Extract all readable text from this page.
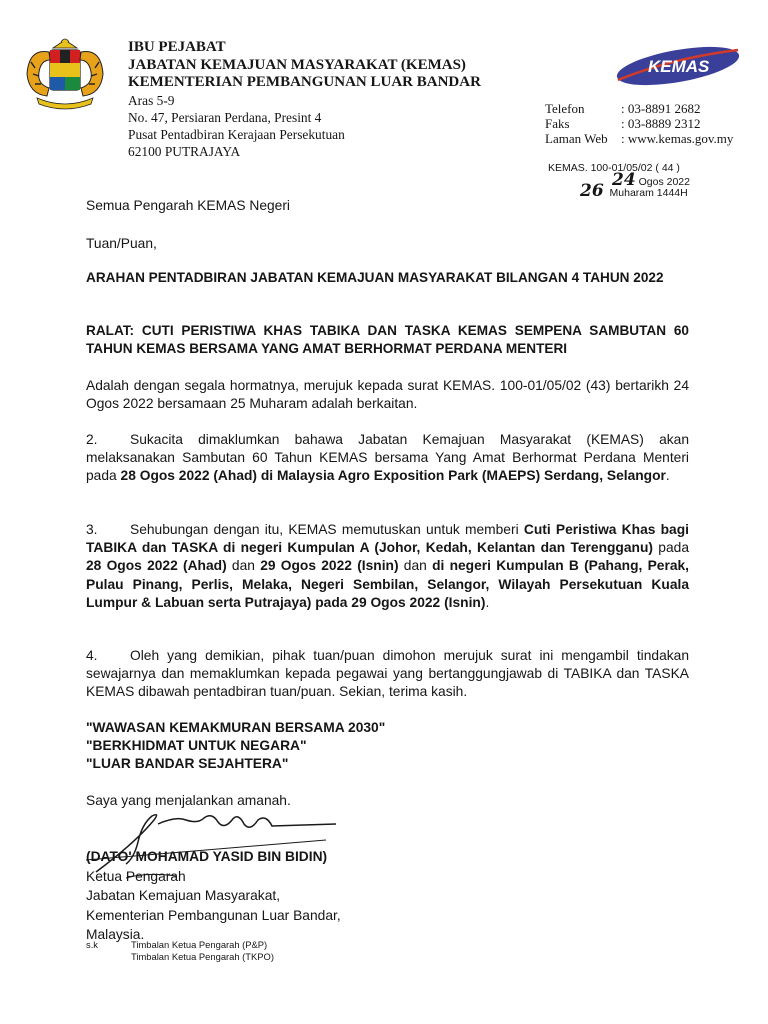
IBU PEJABAT
JABATAN KEMAJUAN MASYARAKAT (KEMAS)
KEMENTERIAN PEMBANGUNAN LUAR BANDAR
Aras 5-9
No. 47, Persiaran Perdana, Presint 4
Pusat Pentadbiran Kerajaan Persekutuan
62100 PUTRAJAYA
KEMAS
Telefon	: 03-8891 2682
Faks	: 03-8889 2312
Laman Web : www.kemas.gov.my
KEMAS. 100-01/05/02 ( 44 )
24 Ogos 2022
26 Muharam 1444H
Semua Pengarah KEMAS Negeri
Tuan/Puan,
ARAHAN PENTADBIRAN JABATAN KEMAJUAN MASYARAKAT BILANGAN 4 TAHUN 2022
RALAT: CUTI PERISTIWA KHAS TABIKA DAN TASKA KEMAS SEMPENA SAMBUTAN 60 TAHUN KEMAS BERSAMA YANG AMAT BERHORMAT PERDANA MENTERI
Adalah dengan segala hormatnya, merujuk kepada surat KEMAS. 100-01/05/02 (43) bertarikh 24 Ogos 2022 bersamaan 25 Muharam adalah berkaitan.

2. Sukacita dimaklumkan bahawa Jabatan Kemajuan Masyarakat (KEMAS) akan melaksanakan Sambutan 60 Tahun KEMAS bersama Yang Amat Berhormat Perdana Menteri pada 28 Ogos 2022 (Ahad) di Malaysia Agro Exposition Park (MAEPS) Serdang, Selangor.

3. Sehubungan dengan itu, KEMAS memutuskan untuk memberi Cuti Peristiwa Khas bagi TABIKA dan TASKA di negeri Kumpulan A (Johor, Kedah, Kelantan dan Terengganu) pada 28 Ogos 2022 (Ahad) dan 29 Ogos 2022 (Isnin) dan di negeri Kumpulan B (Pahang, Perak, Pulau Pinang, Perlis, Melaka, Negeri Sembilan, Selangor, Wilayah Persekutuan Kuala Lumpur & Labuan serta Putrajaya) pada 29 Ogos 2022 (Isnin).

4. Oleh yang demikian, pihak tuan/puan dimohon merujuk surat ini mengambil tindakan sewajarnya dan memaklumkan kepada pegawai yang bertanggungjawab di TABIKA dan TASKA KEMAS dibawah pentadbiran tuan/puan. Sekian, terima kasih.

"WAWASAN KEMAKMURAN BERSAMA 2030"
"BERKHIDMAT UNTUK NEGARA"
"LUAR BANDAR SEJAHTERA"
Saya yang menjalankan amanah.
(DATO' MOHAMAD YASID BIN BIDIN)
Ketua Pengarah
Jabatan Kemajuan Masyarakat,
Kementerian Pembangunan Luar Bandar,
Malaysia.
s.k	Timbalan Ketua Pengarah (P&P)
Timbalan Ketua Pengarah (TKPO)
